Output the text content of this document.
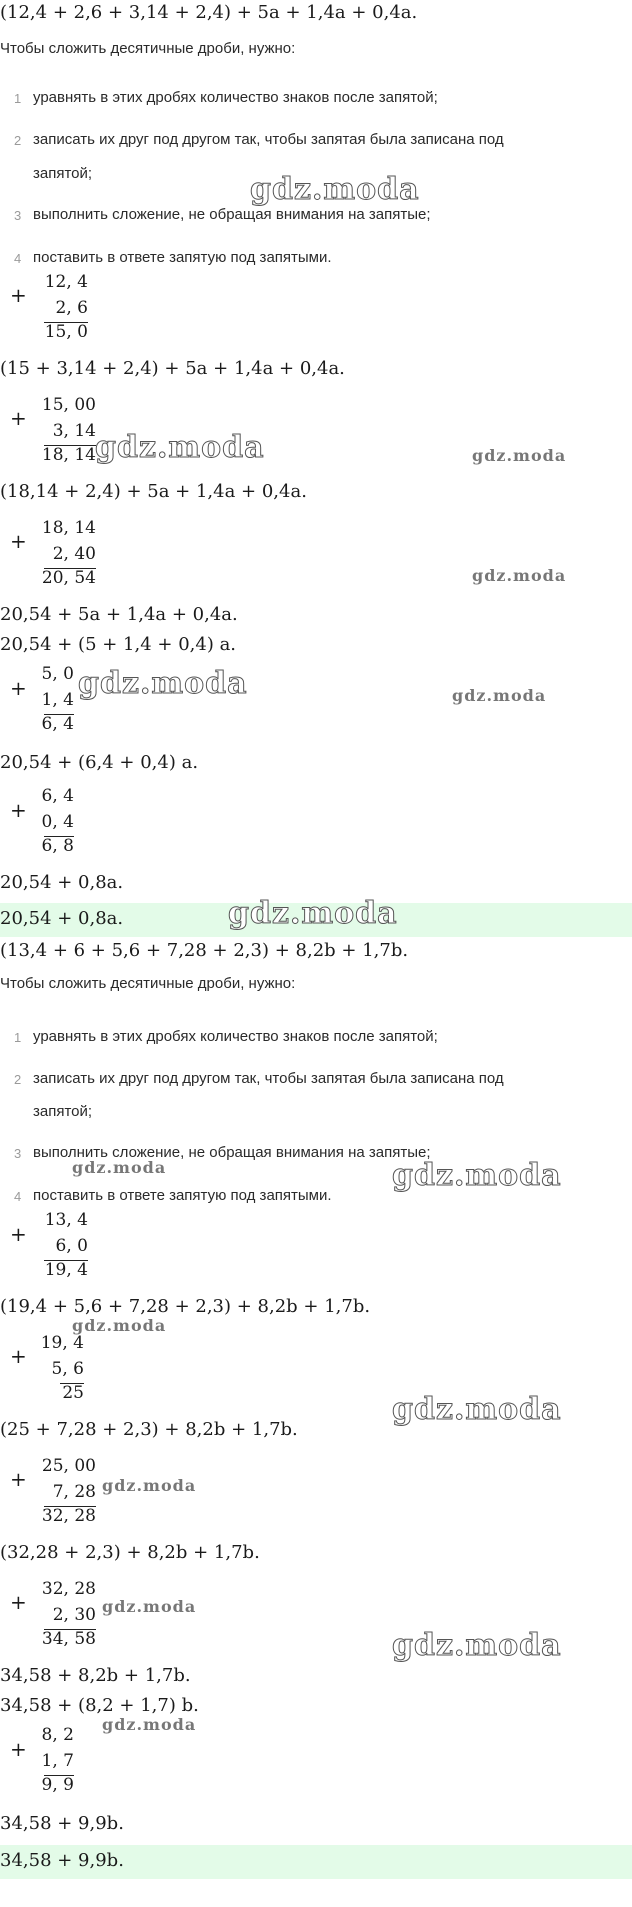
(12,4 + 2,6 + 3,14 + 2,4) + 5a + 1,4a + 0,4a.
Чтобы сложить десятичные дроби, нужно:
1 уравнять в этих дробях количество знаков после запятой;
2 записать их друг под другом так, чтобы запятая была записана под
запятой;
3 выполнить сложение, не обращая внимания на запятые;
4 поставить в ответе запятую под запятыми.
+
12, 4
2, 6
15, 0
(15 + 3,14 + 2,4) + 5a + 1,4a + 0,4a.
+
15, 00
3, 14
18, 14
(18,14 + 2,4) + 5a + 1,4a + 0,4a.
+
18, 14
2, 40
20, 54
20,54 + 5a + 1,4a + 0,4a.
20,54 + (5 + 1,4 + 0,4) a.
+
5, 0
1, 4
6, 4
20,54 + (6,4 + 0,4) a.
+
6, 4
0, 4
6, 8
20,54 + 0,8a.
20,54 + 0,8a.
(13,4 + 6 + 5,6 + 7,28 + 2,3) + 8,2b + 1,7b.
Чтобы сложить десятичные дроби, нужно:
1 уравнять в этих дробях количество знаков после запятой;
2 записать их друг под другом так, чтобы запятая была записана под
запятой;
3 выполнить сложение, не обращая внимания на запятые;
4 поставить в ответе запятую под запятыми.
+
13, 4
6, 0
19, 4
(19,4 + 5,6 + 7,28 + 2,3) + 8,2b + 1,7b.
+
19, 4
5, 6
25
(25 + 7,28 + 2,3) + 8,2b + 1,7b.
+
25, 00
7, 28
32, 28
(32,28 + 2,3) + 8,2b + 1,7b.
+
32, 28
2, 30
34, 58
34,58 + 8,2b + 1,7b.
34,58 + (8,2 + 1,7) b.
+
8, 2
1, 7
9, 9
34,58 + 9,9b.
34,58 + 9,9b.
gdz.moda
gdz.moda	gdz.moda
gdz.moda
gdz.moda	gdz.moda
gdz.moda
gdz.moda	gdz.moda
gdz.moda
gdz.moda
gdz.moda
gdz.moda
gdz.moda
gdz.moda
